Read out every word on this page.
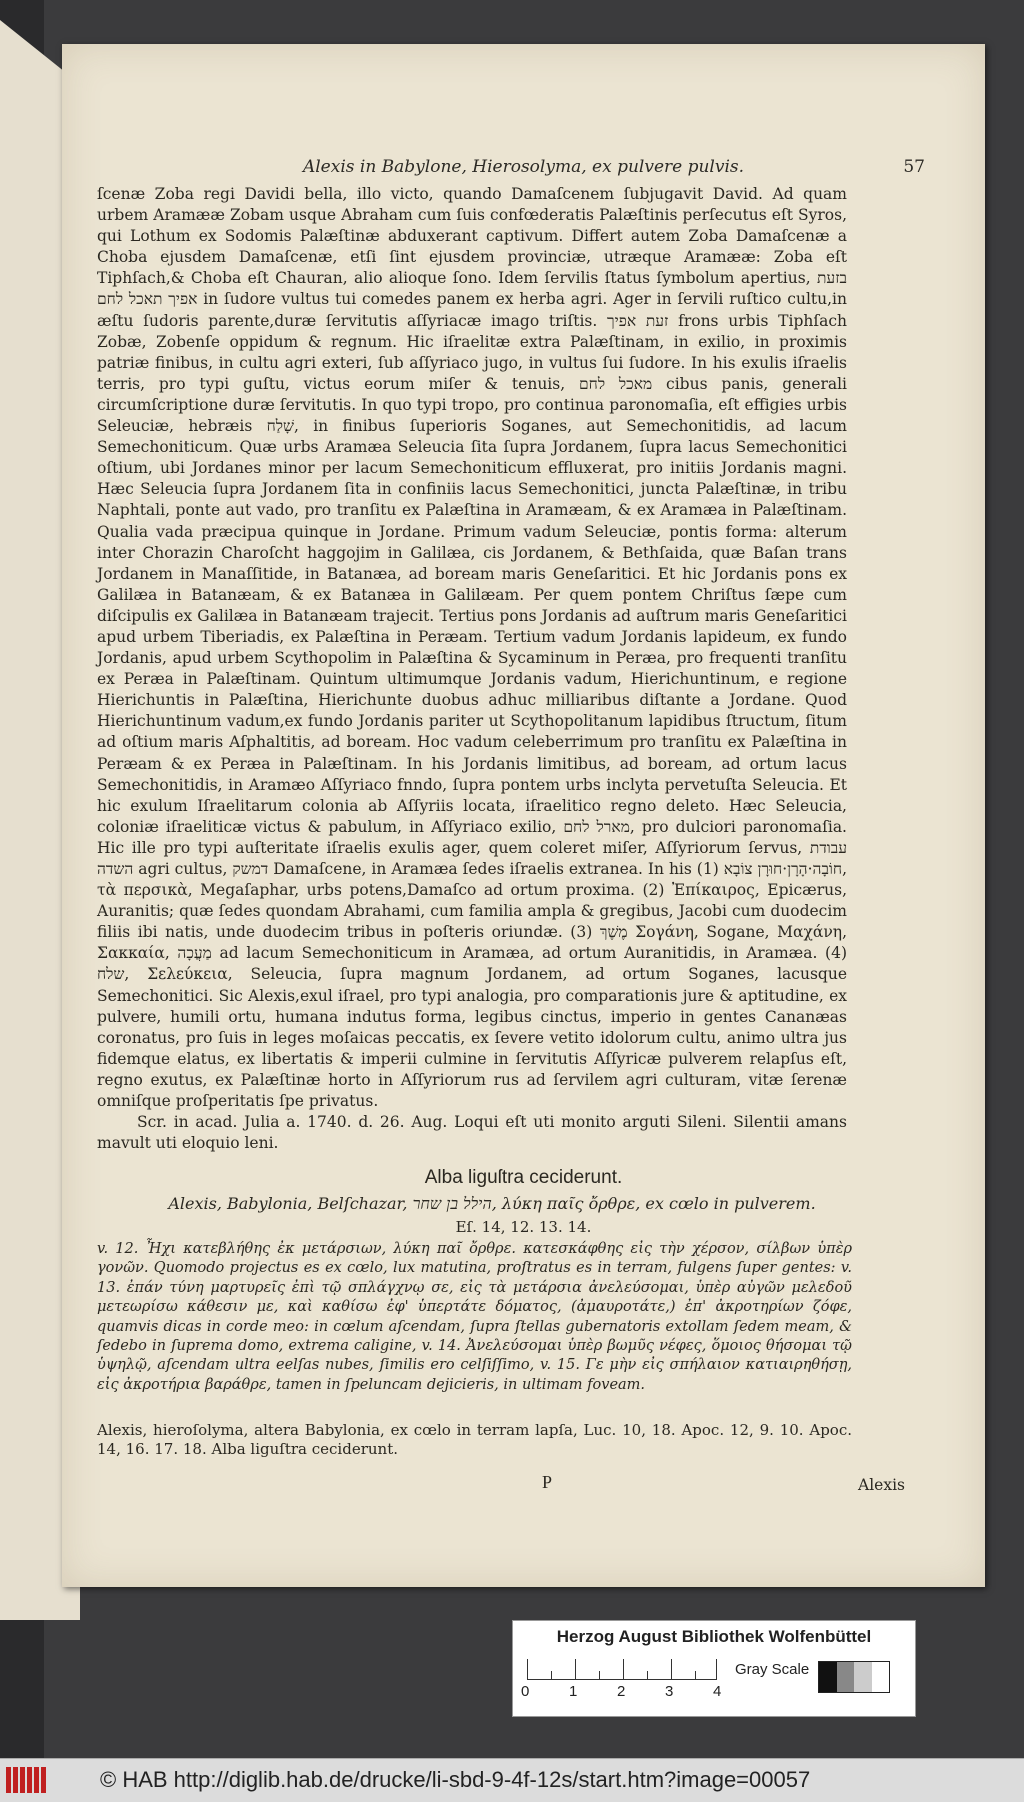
Alexis in Babylone, Hierosolyma, ex pulvere pulvis.	57

ſcenæ Zoba regi Davidi bella, illo victo, quando Damaſcenem ſubjugavit David. Ad quam urbem Aramææ Zobam usque Abraham cum ſuis confœderatis Palæſtinis perſecutus eſt Syros, qui Lothum ex Sodomis Palæſtinæ abduxerant captivum. Differt autem Zoba Damaſcenæ a Choba ejusdem Damaſcenæ, etſi ſint ejusdem provinciæ, utræque Aramææ: Zoba eſt Tiphſach,& Choba eſt Chauran, alio alioque ſono. Idem ſervilis ſtatus ſymbolum apertius, בזעת אפיך תאכל לחם in ſudore vultus tui comedes panem ex herba agri. Ager in ſervili ruſtico cultu,in æſtu ſudoris parente,duræ ſervitutis aſſyriacæ imago triſtis. זעת אפיך frons urbis Tiphſach Zobæ, Zobenſe oppidum & regnum. Hic iſraelitæ extra Palæſtinam, in exilio, in proximis patriæ finibus, in cultu agri exteri, ſub aſſyriaco jugo, in vultus ſui ſudore. In his exulis iſraelis terris, pro typi guſtu, victus eorum miſer & tenuis, מאכל לחם cibus panis, generali circumſcriptione duræ ſervitutis. In quo typi tropo, pro continua paronomaſia, eſt effigies urbis Seleuciæ, hebræis שָׁלַח, in finibus ſuperioris Soganes, aut Semechonitidis, ad lacum Semechoniticum. Quæ urbs Aramæa Seleucia ſita ſupra Jordanem, ſupra lacus Semechonitici oſtium, ubi Jordanes minor per lacum Semechoniticum effluxerat, pro initiis Jordanis magni. Hæc Seleucia ſupra Jordanem ſita in confiniis lacus Semechonitici, juncta Palæſtinæ, in tribu Naphtali, ponte aut vado, pro tranſitu ex Palæſtina in Aramæam, & ex Aramæa in Palæſtinam. Qualia vada præcipua quinque in Jordane. Primum vadum Seleuciæ, pontis forma: alterum inter Chorazin Charoſcht haggojim in Galilæa, cis Jordanem, & Bethſaida, quæ Baſan trans Jordanem in Manaſſitide, in Batanæa, ad boream maris Geneſaritici. Et hic Jordanis pons ex Galilæa in Batanæam, & ex Batanæa in Galilæam. Per quem pontem Chriſtus ſæpe cum diſcipulis ex Galilæa in Batanæam trajecit. Tertius pons Jordanis ad auſtrum maris Geneſaritici apud urbem Tiberiadis, ex Palæſtina in Peræam. Tertium vadum Jordanis lapideum, ex fundo Jordanis, apud urbem Scythopolim in Palæſtina & Sycaminum in Peræa, pro frequenti tranſitu ex Peræa in Palæſtinam. Quintum ultimumque Jordanis vadum, Hierichuntinum, e regione Hierichuntis in Palæſtina, Hierichunte duobus adhuc milliaribus diſtante a Jordane. Quod Hierichuntinum vadum,ex fundo Jordanis pariter ut Scythopolitanum lapidibus ſtructum, ſitum ad oſtium maris Aſphaltitis, ad boream. Hoc vadum celeberrimum pro tranſitu ex Palæſtina in Peræam & ex Peræa in Palæſtinam. In his Jordanis limitibus, ad boream, ad ortum lacus Semechonitidis, in Aramæo Aſſyriaco fnndo, ſupra pontem urbs inclyta pervetuſta Seleucia. Et hic exulum Iſraelitarum colonia ab Aſſyriis locata, iſraelitico regno deleto. Hæc Seleucia, coloniæ iſraeliticæ victus & pabulum, in Aſſyriaco exilio, מארל לחם, pro dulciori paronomaſia. Hic ille pro typi auſteritate iſraelis exulis ager, quem coleret miſer, Aſſyriorum ſervus, עבודת השדה agri cultus, דמשק Damaſcene, in Aramæa ſedes iſraelis extranea. In his (1) חוֹבָה·הָרָן·חוּרָן צוֹבָא, τὰ περσικὰ, Megaſaphar, urbs potens,Damaſco ad ortum proxima. (2) Ἐπίκαιρος, Epicærus, Auranitis; quæ ſedes quondam Abrahami, cum familia ampla & gregibus, Jacobi cum duodecim filiis ibi natis, unde duodecim tribus in poſteris oriundæ. (3) מֶשֶׁךְ Σογάνη, Sogane, Μαχάνη, Σακκαία, מַעֲכָה ad lacum Semechoniticum in Aramæa, ad ortum Auranitidis, in Aramæa. (4) שלח, Σελεύκεια, Seleucia, ſupra magnum Jordanem, ad ortum Soganes, lacusque Semechonitici. Sic Alexis,exul iſrael, pro typi analogia, pro comparationis jure & aptitudine, ex pulvere, humili ortu, humana indutus forma, legibus cinctus, imperio in gentes Cananæas coronatus, pro ſuis in leges moſaicas peccatis, ex ſevere vetito idolorum cultu, animo ultra jus fidemque elatus, ex libertatis & imperii culmine in ſervitutis Aſſyricæ pulverem relapſus eſt, regno exutus, ex Palæſtinæ horto in Aſſyriorum rus ad ſervilem agri culturam, vitæ ſerenæ omniſque proſperitatis ſpe privatus.

Scr. in acad. Julia a. 1740. d. 26. Aug. Loqui eſt uti monito arguti Sileni. Silentii amans mavult uti eloquio leni.

Alba liguſtra ceciderunt.
Alexis, Babylonia, Belſchazar, הילל בן שחר, λύκη παῖς ὄρθρε, ex cœlo in pulverem.
Eſ. 14, 12. 13. 14.
v. 12. Ἦχι κατεβλήθης ἐκ μετάρσιων, λύκη παῖ ὄρθρε. κατεσκάφθης εἰς τὴν χέρσον, σίλβων ὑπὲρ γονῶν. Quomodo projectus es ex cœlo, lux matutina, proſtratus es in terram, fulgens ſuper gentes: v. 13. ἐπάν τύνη μαρτυρεῖς ἐπὶ τῷ σπλάγχνῳ σε, εἰς τὰ μετάρσια ἀνελεύσομαι, ὑπὲρ αὐγῶν μελεδοῦ μετεωρίσω κάθεσιν με, καὶ καθίσω ἐφ' ὑπερτάτε δόματος, (ἀμαυροτάτε,) ἐπ' ἀκροτηρίων ζόφε, quamvis dicas in corde meo: in cœlum aſcendam, ſupra ſtellas gubernatoris extollam ſedem meam, & ſedebo in ſuprema domo, extrema caligine, v. 14. Ἀνελεύσομαι ὑπὲρ βωμῦς νέφες, ὅμοιος θήσομαι τῷ ὑψηλῷ, aſcendam ultra eelſas nubes, ſimilis ero celſiſſimo, v. 15. Γε μὴν εἰς σπήλαιον κατιαιρηθήσῃ, εἰς ἀκροτήρια βαράθρε, tamen in ſpeluncam dejicieris, in ultimam foveam.
Alexis, hieroſolyma, altera Babylonia, ex cœlo in terram lapſa, Luc. 10, 18. Apoc. 12, 9. 10. Apoc. 14, 16. 17. 18. Alba liguſtra ceciderunt.
P	Alexis
Herzog August Bibliothek Wolfenbüttel
0	1	2	3	4
Gray Scale
© HAB http://diglib.hab.de/drucke/li-sbd-9-4f-12s/start.htm?image=00057
